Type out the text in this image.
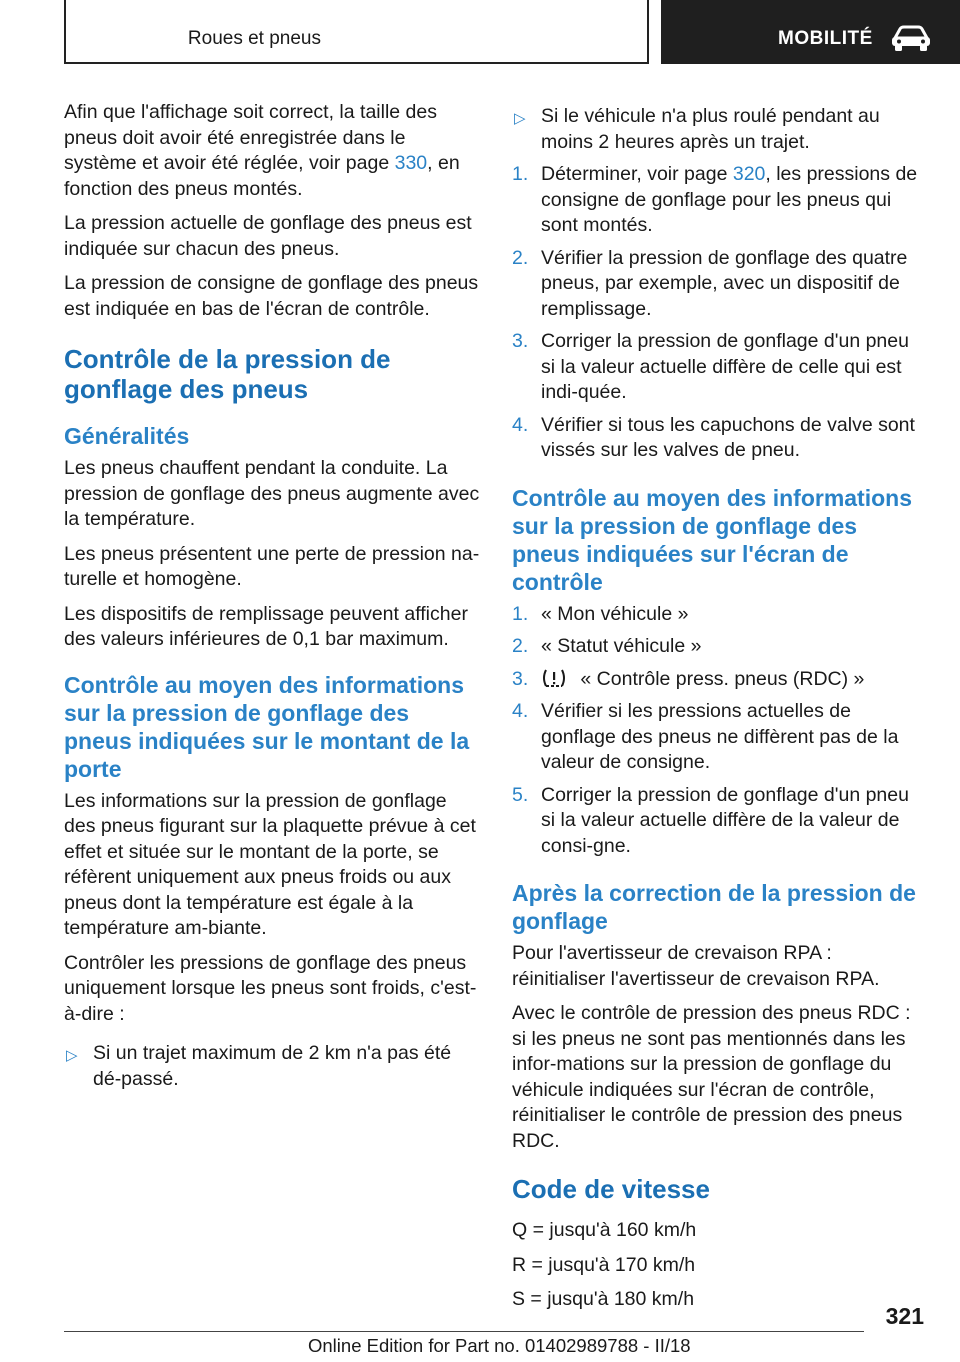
Roues et pneus	MOBILITÉ

Afin que l'affichage soit correct, la taille des pneus doit avoir été enregistrée dans le système et avoir été réglée, voir page 330, en fonction des pneus montés.

La pression actuelle de gonflage des pneus est indiquée sur chacun des pneus.

La pression de consigne de gonflage des pneus est indiquée en bas de l'écran de contrôle.

Contrôle de la pression de gonflage des pneus
Généralités

Les pneus chauffent pendant la conduite. La pression de gonflage des pneus augmente avec la température.

Les pneus présentent une perte de pression na‐turelle et homogène.

Les dispositifs de remplissage peuvent afficher des valeurs inférieures de 0,1 bar maximum.

Contrôle au moyen des informations sur la pression de gonflage des pneus indiquées sur le montant de la porte

Les informations sur la pression de gonflage des pneus figurant sur la plaquette prévue à cet effet et située sur le montant de la porte, se réfèrent uniquement aux pneus froids ou aux pneus dont la température est égale à la température am‐biante.

Contrôler les pressions de gonflage des pneus uniquement lorsque les pneus sont froids, c'est-à-dire :

▷ Si un trajet maximum de 2 km n'a pas été dé‐passé.
▷ Si le véhicule n'a plus roulé pendant au moins 2 heures après un trajet.
1. Déterminer, voir page 320, les pressions de consigne de gonflage pour les pneus qui sont montés.
2. Vérifier la pression de gonflage des quatre pneus, par exemple, avec un dispositif de remplissage.
3. Corriger la pression de gonflage d'un pneu si la valeur actuelle diffère de celle qui est indi‐quée.
4. Vérifier si tous les capuchons de valve sont vissés sur les valves de pneu.
Contrôle au moyen des informations sur la pression de gonflage des pneus indiquées sur l'écran de contrôle
1. « Mon véhicule »
2. « Statut véhicule »
3.	« Contrôle press. pneus (RDC) »
4. Vérifier si les pressions actuelles de gonflage des pneus ne diffèrent pas de la valeur de consigne.
5. Corriger la pression de gonflage d'un pneu si la valeur actuelle diffère de la valeur de consi‐gne.
Après la correction de la pression de gonflage

Pour l'avertisseur de crevaison RPA : réinitialiser l'avertisseur de crevaison RPA.

Avec le contrôle de pression des pneus RDC : si les pneus ne sont pas mentionnés dans les infor‐mations sur la pression de gonflage du véhicule indiquées sur l'écran de contrôle, réinitialiser le contrôle de pression des pneus RDC.

Code de vitesse

Q = jusqu'à 160 km/h

R = jusqu'à 170 km/h

S = jusqu'à 180 km/h

321
Online Edition for Part no. 01402989788 - II/18
